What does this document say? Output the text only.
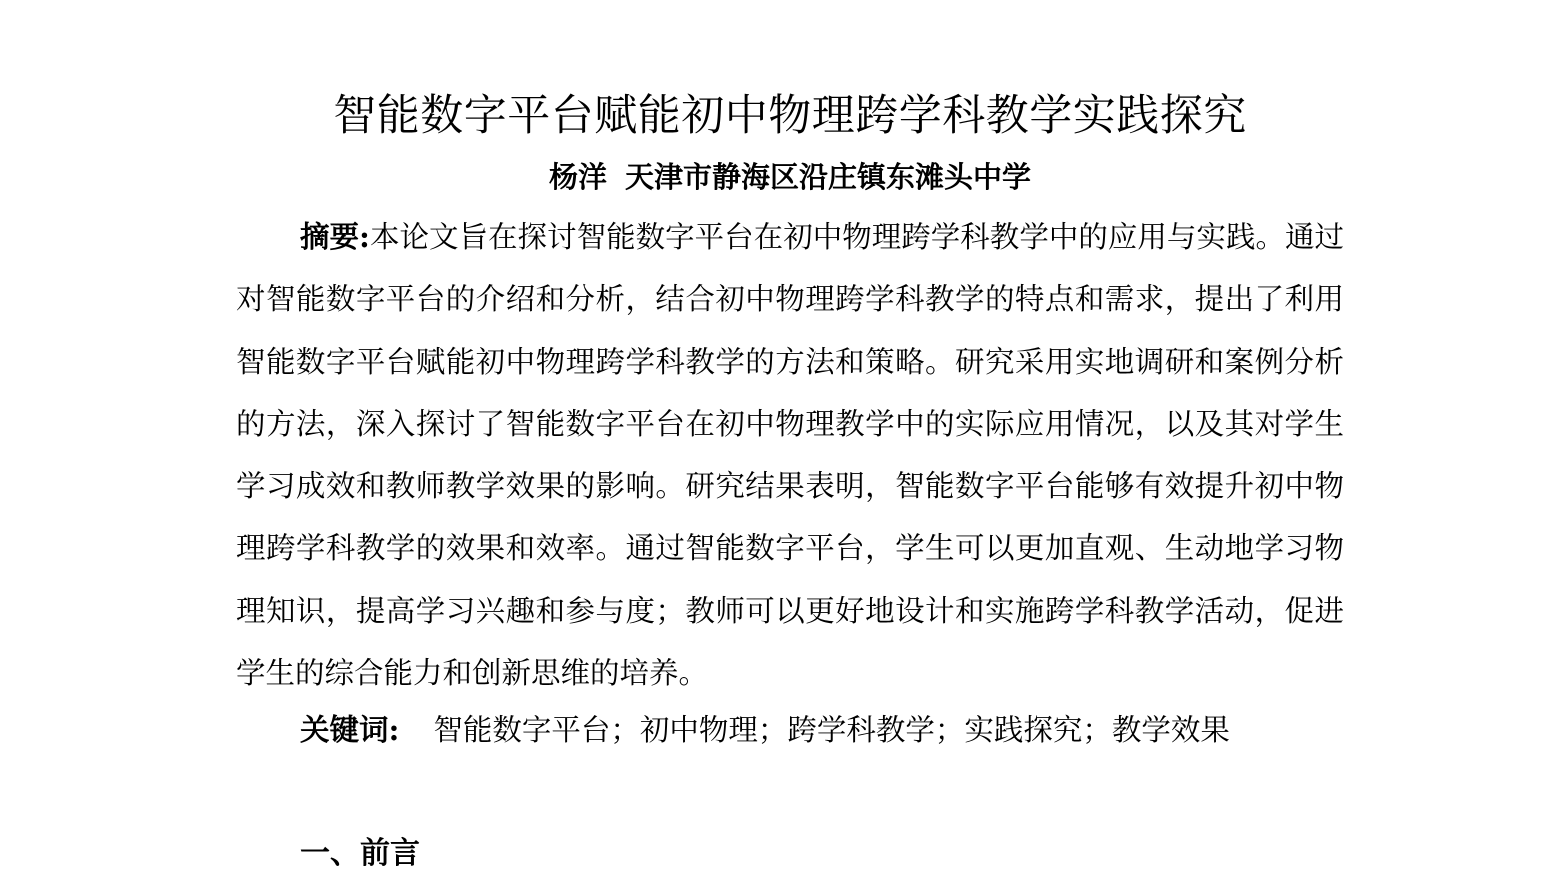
智能数字平台赋能初中物理跨学科教学实践探究
杨洋 天津市静海区沿庄镇东滩头中学

摘要:本论文旨在探讨智能数字平台在初中物理跨学科教学中的应用与实践。通过对智能数字平台的介绍和分析，结合初中物理跨学科教学的特点和需求，提出了利用智能数字平台赋能初中物理跨学科教学的方法和策略。研究采用实地调研和案例分析的方法，深入探讨了智能数字平台在初中物理教学中的实际应用情况，以及其对学生学习成效和教师教学效果的影响。研究结果表明，智能数字平台能够有效提升初中物理跨学科教学的效果和效率。通过智能数字平台，学生可以更加直观、生动地学习物理知识，提高学习兴趣和参与度；教师可以更好地设计和实施跨学科教学活动，促进学生的综合能力和创新思维的培养。

关键词: 智能数字平台；初中物理；跨学科教学；实践探究；教学效果

一、前言
